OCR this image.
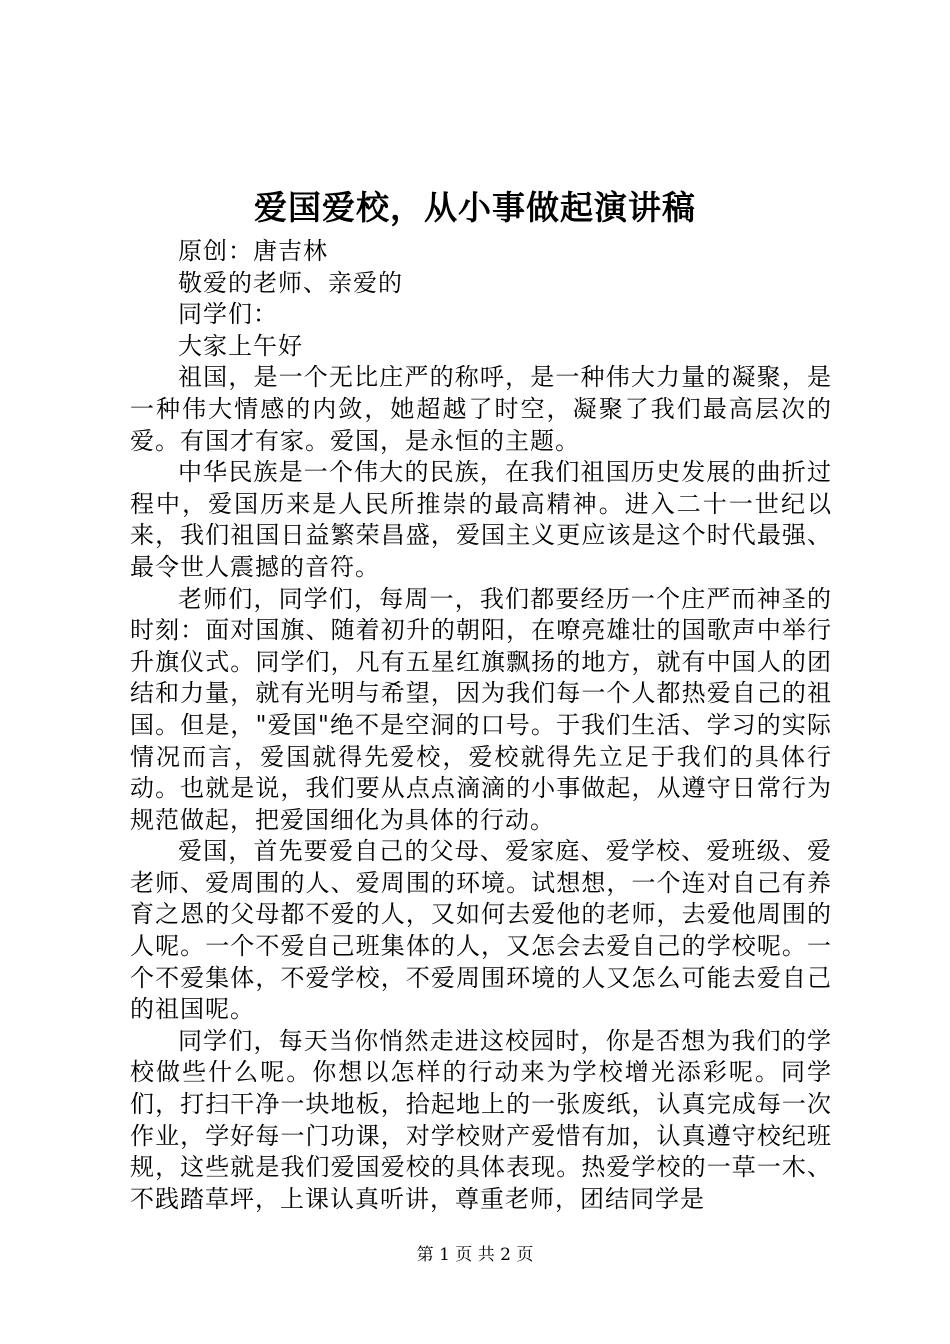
爱国爱校，从小事做起演讲稿

原创：唐吉林

敬爱的老师、亲爱的

同学们：

大家上午好

祖国，是一个无比庄严的称呼，是一种伟大力量的凝聚，是一种伟大情感的内敛，她超越了时空，凝聚了我们最高层次的爱。有国才有家。爱国，是永恒的主题。

中华民族是一个伟大的民族，在我们祖国历史发展的曲折过程中，爱国历来是人民所推崇的最高精神。进入二十一世纪以来，我们祖国日益繁荣昌盛，爱国主义更应该是这个时代最强、最令世人震撼的音符。

老师们，同学们，每周一，我们都要经历一个庄严而神圣的时刻：面对国旗、随着初升的朝阳，在嘹亮雄壮的国歌声中举行升旗仪式。同学们，凡有五星红旗飘扬的地方，就有中国人的团结和力量，就有光明与希望，因为我们每一个人都热爱自己的祖国。但是，"爱国"绝不是空洞的口号。于我们生活、学习的实际情况而言，爱国就得先爱校，爱校就得先立足于我们的具体行动。也就是说，我们要从点点滴滴的小事做起，从遵守日常行为规范做起，把爱国细化为具体的行动。

爱国，首先要爱自己的父母、爱家庭、爱学校、爱班级、爱老师、爱周围的人、爱周围的环境。试想想，一个连对自己有养育之恩的父母都不爱的人，又如何去爱他的老师，去爱他周围的人呢。一个不爱自己班集体的人，又怎会去爱自己的学校呢。一个不爱集体，不爱学校，不爱周围环境的人又怎么可能去爱自己的祖国呢。

同学们，每天当你悄然走进这校园时，你是否想为我们的学校做些什么呢。你想以怎样的行动来为学校增光添彩呢。同学们，打扫干净一块地板，拾起地上的一张废纸，认真完成每一次作业，学好每一门功课，对学校财产爱惜有加，认真遵守校纪班规，这些就是我们爱国爱校的具体表现。热爱学校的一草一木、不践踏草坪，上课认真听讲，尊重老师，团结同学是

第 1 页 共 2 页
